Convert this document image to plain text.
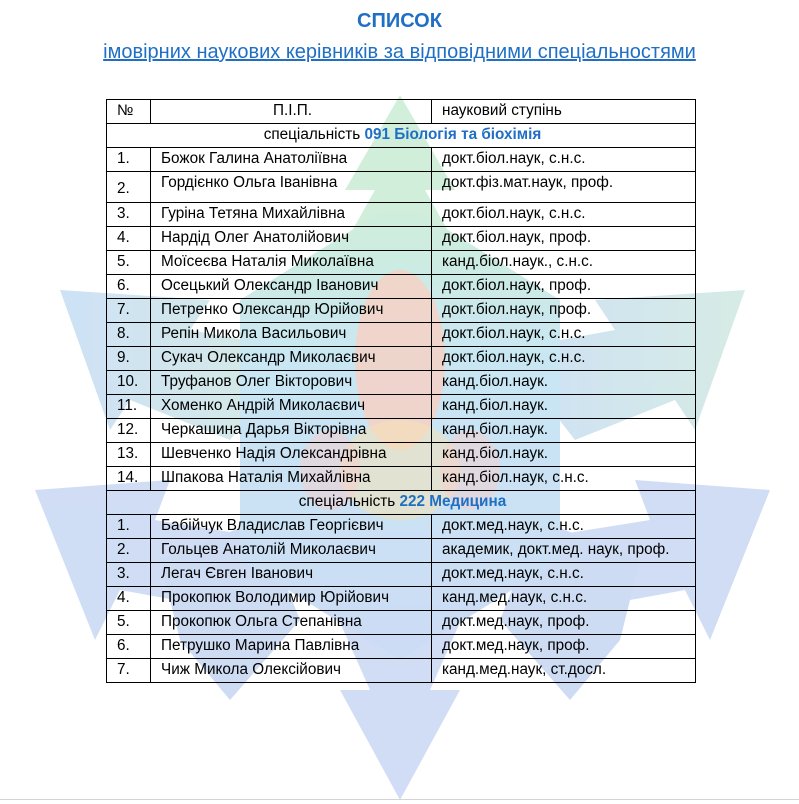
СПИСОК
імовірних наукових керівників за відповідними спеціальностями
№	П.І.П.	науковий ступінь
спеціальність 091 Біологія та біохімія		
1.	Божок Галина Анатоліївна	докт.біол.наук, с.н.с.
2.	Гордієнко Ольга Іванівна	докт.фіз.мат.наук, проф.
3.	Гуріна Тетяна Михайлівна	докт.біол.наук, с.н.с.
4.	Нардід Олег Анатолійович	докт.біол.наук, проф.
5.	Моїсеєва Наталія Миколаївна	канд.біол.наук., с.н.с.
6.	Осецький Олександр Іванович	докт.біол.наук, проф.
7.	Петренко Олександр Юрійович	докт.біол.наук, проф.
8.	Репін Микола Васильович	докт.біол.наук, с.н.с.
9.	Сукач Олександр Миколаєвич	докт.біол.наук, с.н.с.
10.	Труфанов Олег Вікторович	канд.біол.наук.
11.	Хоменко Андрій Миколаєвич	канд.біол.наук.
12.	Черкашина Дарья Вікторівна	канд.біол.наук.
13.	Шевченко Надія Олександрівна	канд.біол.наук.
14.	Шпакова Наталія Михайлівна	канд.біол.наук, с.н.с.
спеціальність 222 Медицина		
1.	Бабійчук Владислав Георгієвич	докт.мед.наук, с.н.с.
2.	Гольцев Анатолій Миколаєвич	академик, докт.мед. наук, проф.
3.	Легач Євген Іванович	докт.мед.наук, с.н.с.
4.	Прокопюк Володимир Юрійович	канд.мед.наук, с.н.с.
5.	Прокопюк Ольга Степанівна	докт.мед.наук, проф.
6.	Петрушко Марина Павлівна	докт.мед.наук, проф.
7.	Чиж Микола Олексійович	канд.мед.наук, ст.досл.
